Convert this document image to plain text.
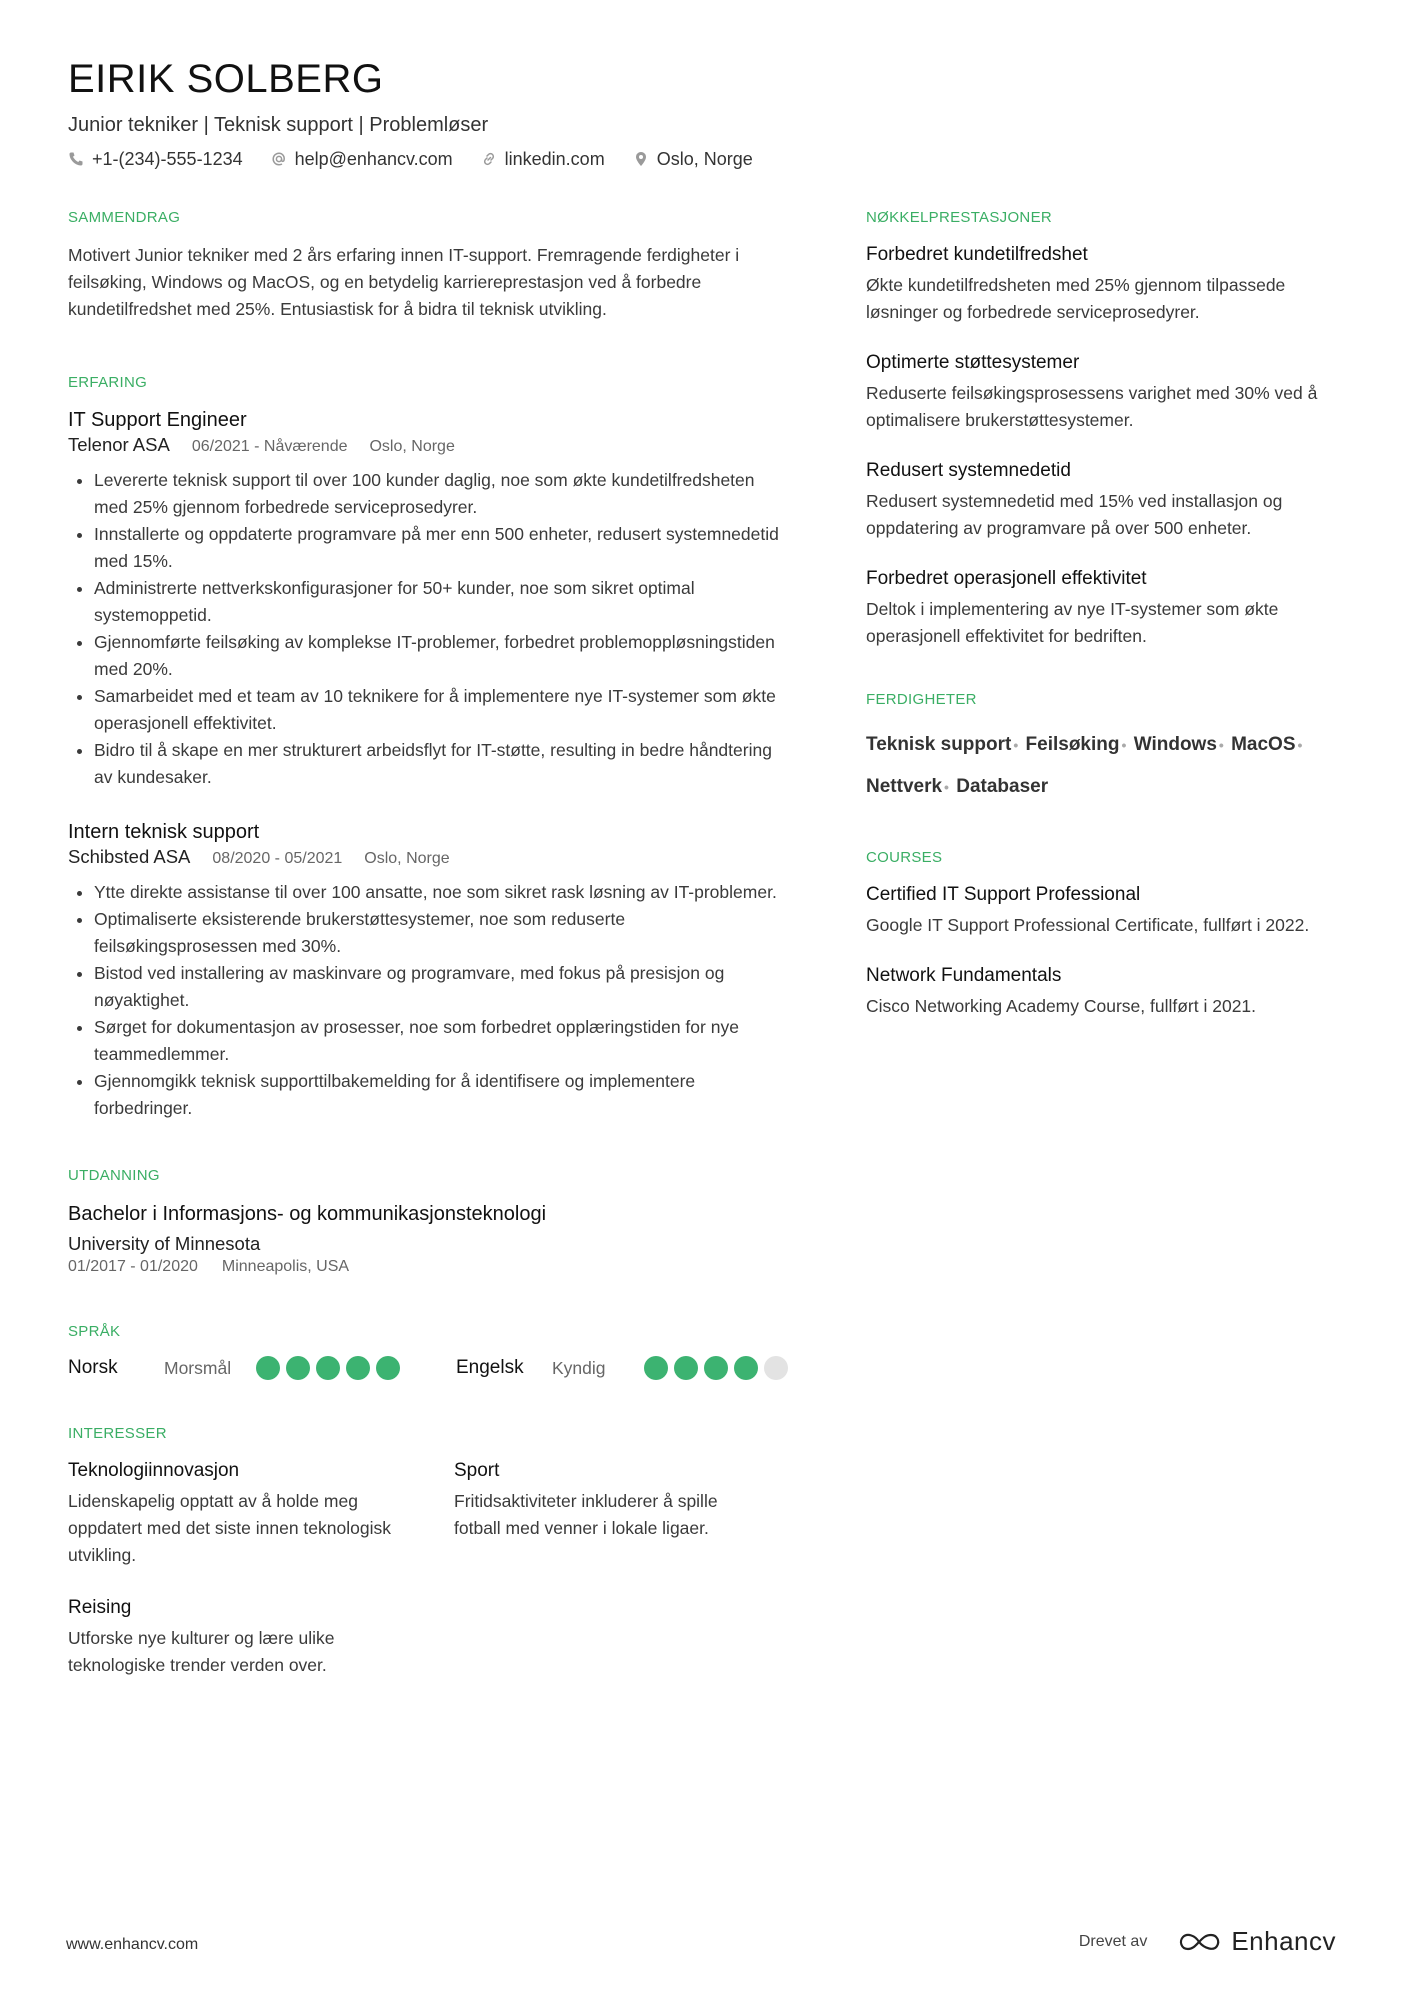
EIRIK SOLBERG
Junior tekniker | Teknisk support | Problemløser
+1-(234)-555-1234	help@enhancv.com	linkedin.com	Oslo, Norge
SAMMENDRAG
Motivert Junior tekniker med 2 års erfaring innen IT-support. Fremragende ferdigheter i feilsøking, Windows og MacOS, og en betydelig karriereprestasjon ved å forbedre kundetilfredshet med 25%. Entusiastisk for å bidra til teknisk utvikling.
ERFARING
IT Support Engineer
Telenor ASA 06/2021 - Nåværende Oslo, Norge
• Levererte teknisk support til over 100 kunder daglig, noe som økte kundetilfredsheten med 25% gjennom forbedrede serviceprosedyrer.
• Innstallerte og oppdaterte programvare på mer enn 500 enheter, redusert systemnedetid med 15%.
• Administrerte nettverkskonfigurasjoner for 50+ kunder, noe som sikret optimal systemoppetid.
• Gjennomførte feilsøking av komplekse IT-problemer, forbedret problemoppløsningstiden med 20%.
• Samarbeidet med et team av 10 teknikere for å implementere nye IT-systemer som økte operasjonell effektivitet.
• Bidro til å skape en mer strukturert arbeidsflyt for IT-støtte, resulting in bedre håndtering av kundesaker.
Intern teknisk support
Schibsted ASA 08/2020 - 05/2021 Oslo, Norge
• Ytte direkte assistanse til over 100 ansatte, noe som sikret rask løsning av IT-problemer.
• Optimaliserte eksisterende brukerstøttesystemer, noe som reduserte feilsøkingsprosessen med 30%.
• Bistod ved installering av maskinvare og programvare, med fokus på presisjon og nøyaktighet.
• Sørget for dokumentasjon av prosesser, noe som forbedret opplæringstiden for nye teammedlemmer.
• Gjennomgikk teknisk supporttilbakemelding for å identifisere og implementere forbedringer.
UTDANNING
Bachelor i Informasjons- og kommunikasjonsteknologi
University of Minnesota
01/2017 - 01/2020 Minneapolis, USA
SPRÅK
Norsk	Morsmål	Engelsk	Kyndig
INTERESSER
Teknologiinnovasjon
Lidenskapelig opptatt av å holde meg oppdatert med det siste innen teknologisk utvikling.
Sport
Fritidsaktiviteter inkluderer å spille fotball med venner i lokale ligaer.
Reising
Utforske nye kulturer og lære ulike teknologiske trender verden over.
NØKKELPRESTASJONER
Forbedret kundetilfredshet
Økte kundetilfredsheten med 25% gjennom tilpassede løsninger og forbedrede serviceprosedyrer.
Optimerte støttesystemer
Reduserte feilsøkingsprosessens varighet med 30% ved å optimalisere brukerstøttesystemer.
Redusert systemnedetid
Redusert systemnedetid med 15% ved installasjon og oppdatering av programvare på over 500 enheter.
Forbedret operasjonell effektivitet
Deltok i implementering av nye IT-systemer som økte operasjonell effektivitet for bedriften.
FERDIGHETER
Teknisk support • Feilsøking • Windows • MacOS •
Nettverk • Databaser
COURSES
Certified IT Support Professional
Google IT Support Professional Certificate, fullført i 2022.
Network Fundamentals
Cisco Networking Academy Course, fullført i 2021.
www.enhancv.com	Drevet av	Enhancv
